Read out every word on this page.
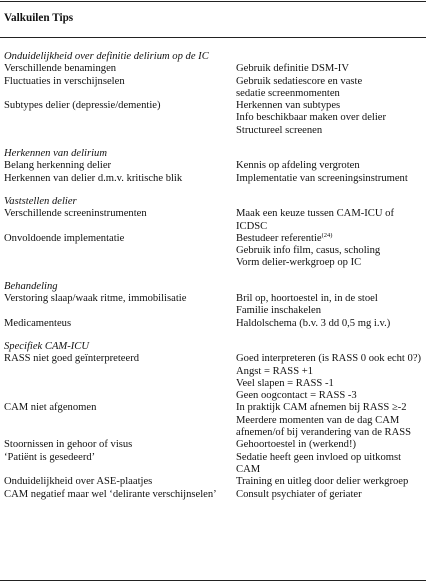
Valkuilen Tips
Onduidelijkheid over definitie delirium op de IC
Verschillende benamingen	Gebruik definitie DSM-IV
Fluctuaties in verschijnselen	Gebruik sedatiescore en vaste
sedatie screenmomenten
Subtypes delier (depressie/dementie)	Herkennen van subtypes
Info beschikbaar maken over delier
Structureel screenen
Herkennen van delirium
Belang herkenning delier	Kennis op afdeling vergroten
Herkennen van delier d.m.v. kritische blik	Implementatie van screeningsinstrument
Vaststellen delier
Verschillende screeninstrumenten	Maak een keuze tussen CAM-ICU of
ICDSC
Onvoldoende implementatie	Bestudeer referentie$^{(24)}$
Gebruik info film, casus, scholing
Vorm delier-werkgroep op IC
Behandeling
Verstoring slaap/waak ritme, immobilisatie	Bril op, hoortoestel in, in de stoel
Familie inschakelen
Medicamenteus	Haldolschema (b.v. 3 dd 0,5 mg i.v.)
Specifiek CAM-ICU
RASS niet goed geïnterpreteerd	Goed interpreteren (is RASS 0 ook echt 0?)
Angst = RASS +1
Veel slapen = RASS -1
Geen oogcontact = RASS -3
CAM niet afgenomen	In praktijk CAM afnemen bij RASS ≥-2
Meerdere momenten van de dag CAM
afnemen/of bij verandering van de RASS
Stoornissen in gehoor of visus	Gehoortoestel in (werkend!)
‘Patiënt is gesedeerd’	Sedatie heeft geen invloed op uitkomst
CAM
Onduidelijkheid over ASE-plaatjes	Training en uitleg door delier werkgroep
CAM negatief maar wel ‘delirante verschijnselen’	Consult psychiater of geriater
